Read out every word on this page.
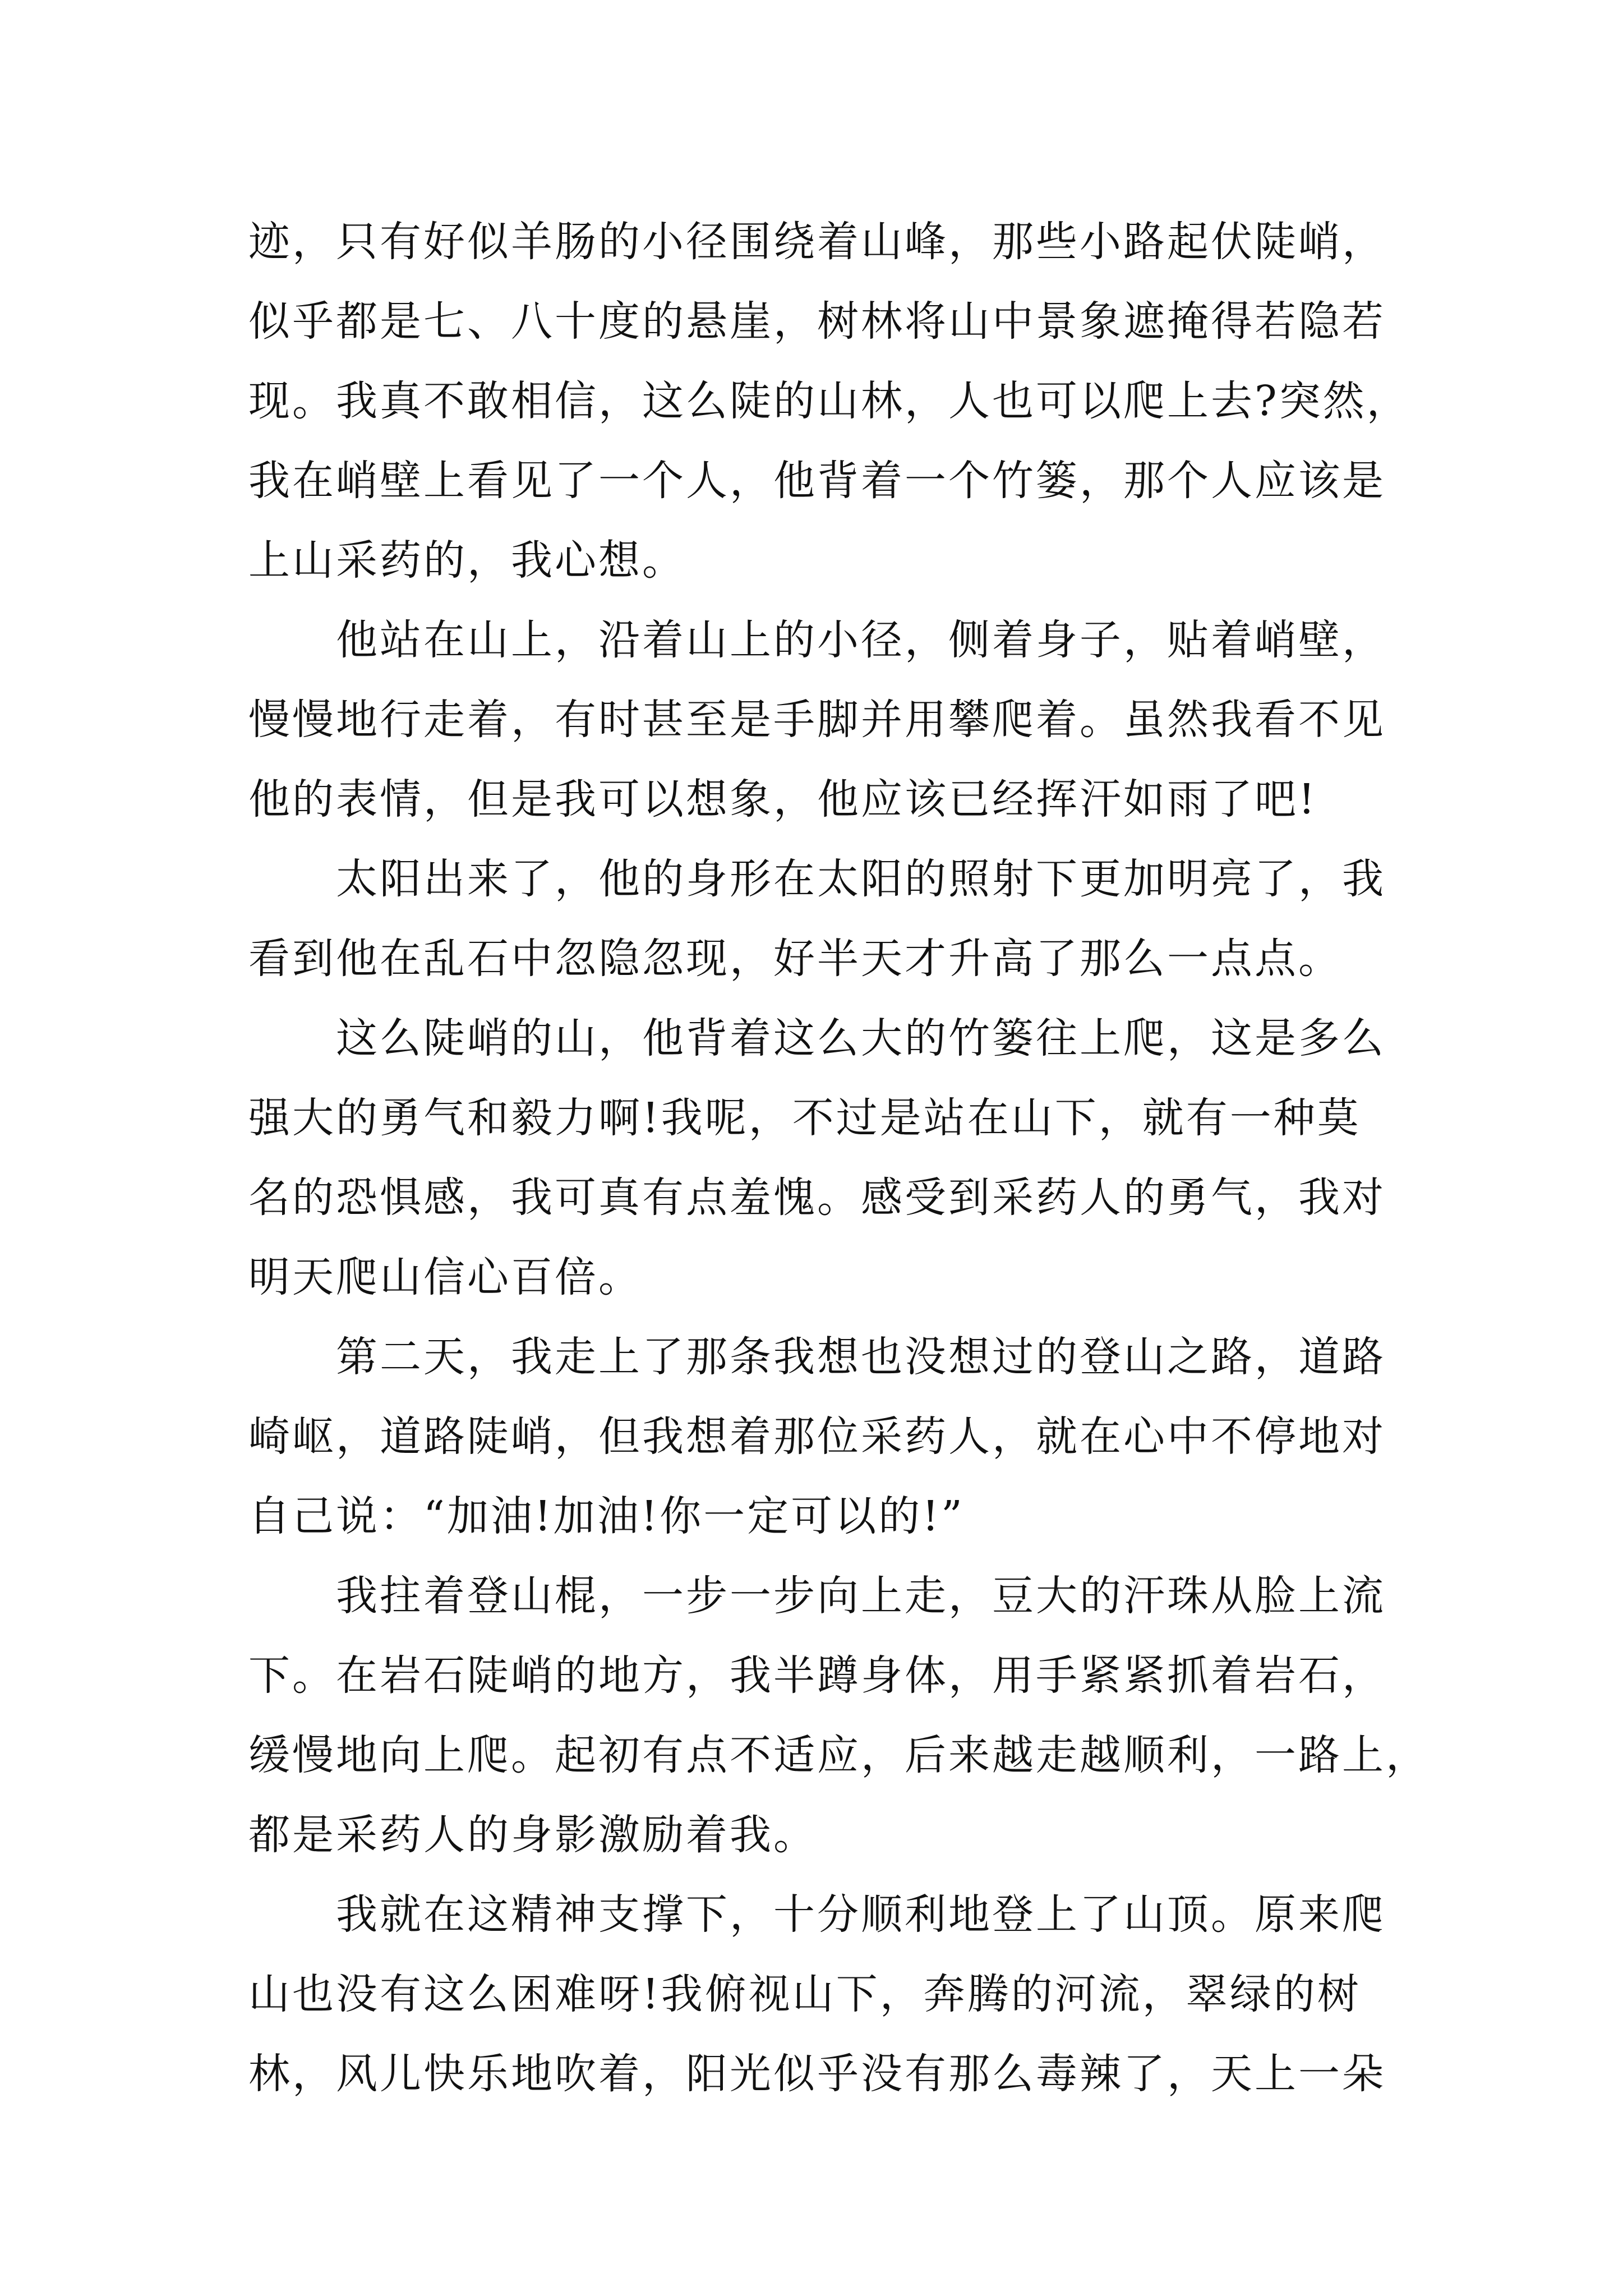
迹，只有好似羊肠的小径围绕着山峰，那些小路起伏陡峭，
似乎都是七、八十度的悬崖，树林将山中景象遮掩得若隐若
现。我真不敢相信，这么陡的山林，人也可以爬上去?突然，
我在峭壁上看见了一个人，他背着一个竹篓，那个人应该是
上山采药的，我心想。
他站在山上，沿着山上的小径，侧着身子，贴着峭壁，
慢慢地行走着，有时甚至是手脚并用攀爬着。虽然我看不见
他的表情，但是我可以想象，他应该已经挥汗如雨了吧!
太阳出来了，他的身形在太阳的照射下更加明亮了，我
看到他在乱石中忽隐忽现，好半天才升高了那么一点点。
这么陡峭的山，他背着这么大的竹篓往上爬，这是多么
强大的勇气和毅力啊!我呢，不过是站在山下，就有一种莫
名的恐惧感，我可真有点羞愧。感受到采药人的勇气，我对
明天爬山信心百倍。
第二天，我走上了那条我想也没想过的登山之路，道路
崎岖，道路陡峭，但我想着那位采药人，就在心中不停地对
自己说：“加油!加油!你一定可以的!”
我拄着登山棍，一步一步向上走，豆大的汗珠从脸上流
下。在岩石陡峭的地方，我半蹲身体，用手紧紧抓着岩石，
缓慢地向上爬。起初有点不适应，后来越走越顺利，一路上，
都是采药人的身影激励着我。
我就在这精神支撑下，十分顺利地登上了山顶。原来爬
山也没有这么困难呀!我俯视山下，奔腾的河流，翠绿的树
林，风儿快乐地吹着，阳光似乎没有那么毒辣了，天上一朵
